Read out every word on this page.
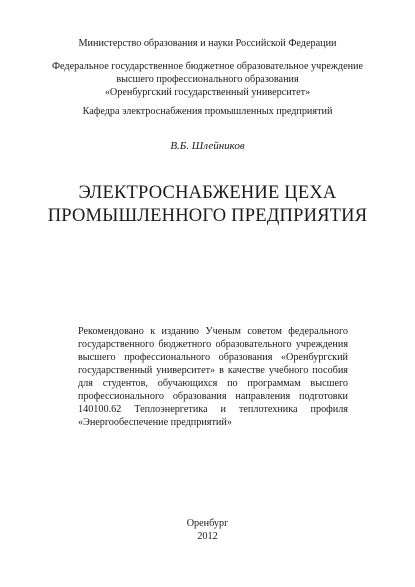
Министерство образования и науки Российской Федерации
Федеральное государственное бюджетное образовательное учреждение
высшего профессионального образования
«Оренбургский государственный университет»
Кафедра электроснабжения промышленных предприятий
В.Б. Шлейников
ЭЛЕКТРОСНАБЖЕНИЕ ЦЕХА
ПРОМЫШЛЕННОГО ПРЕДПРИЯТИЯ
Рекомендовано к изданию Ученым советом федерального государственного бюджетного образовательного учреждения высшего профессионального образования «Оренбургский государственный университет» в качестве учебного пособия для студентов, обучающихся по программам высшего профессионального образования направления подготовки 140100.62 Теплоэнергетика и теплотехника профиля «Энергообеспечение предприятий»
Оренбург
2012
